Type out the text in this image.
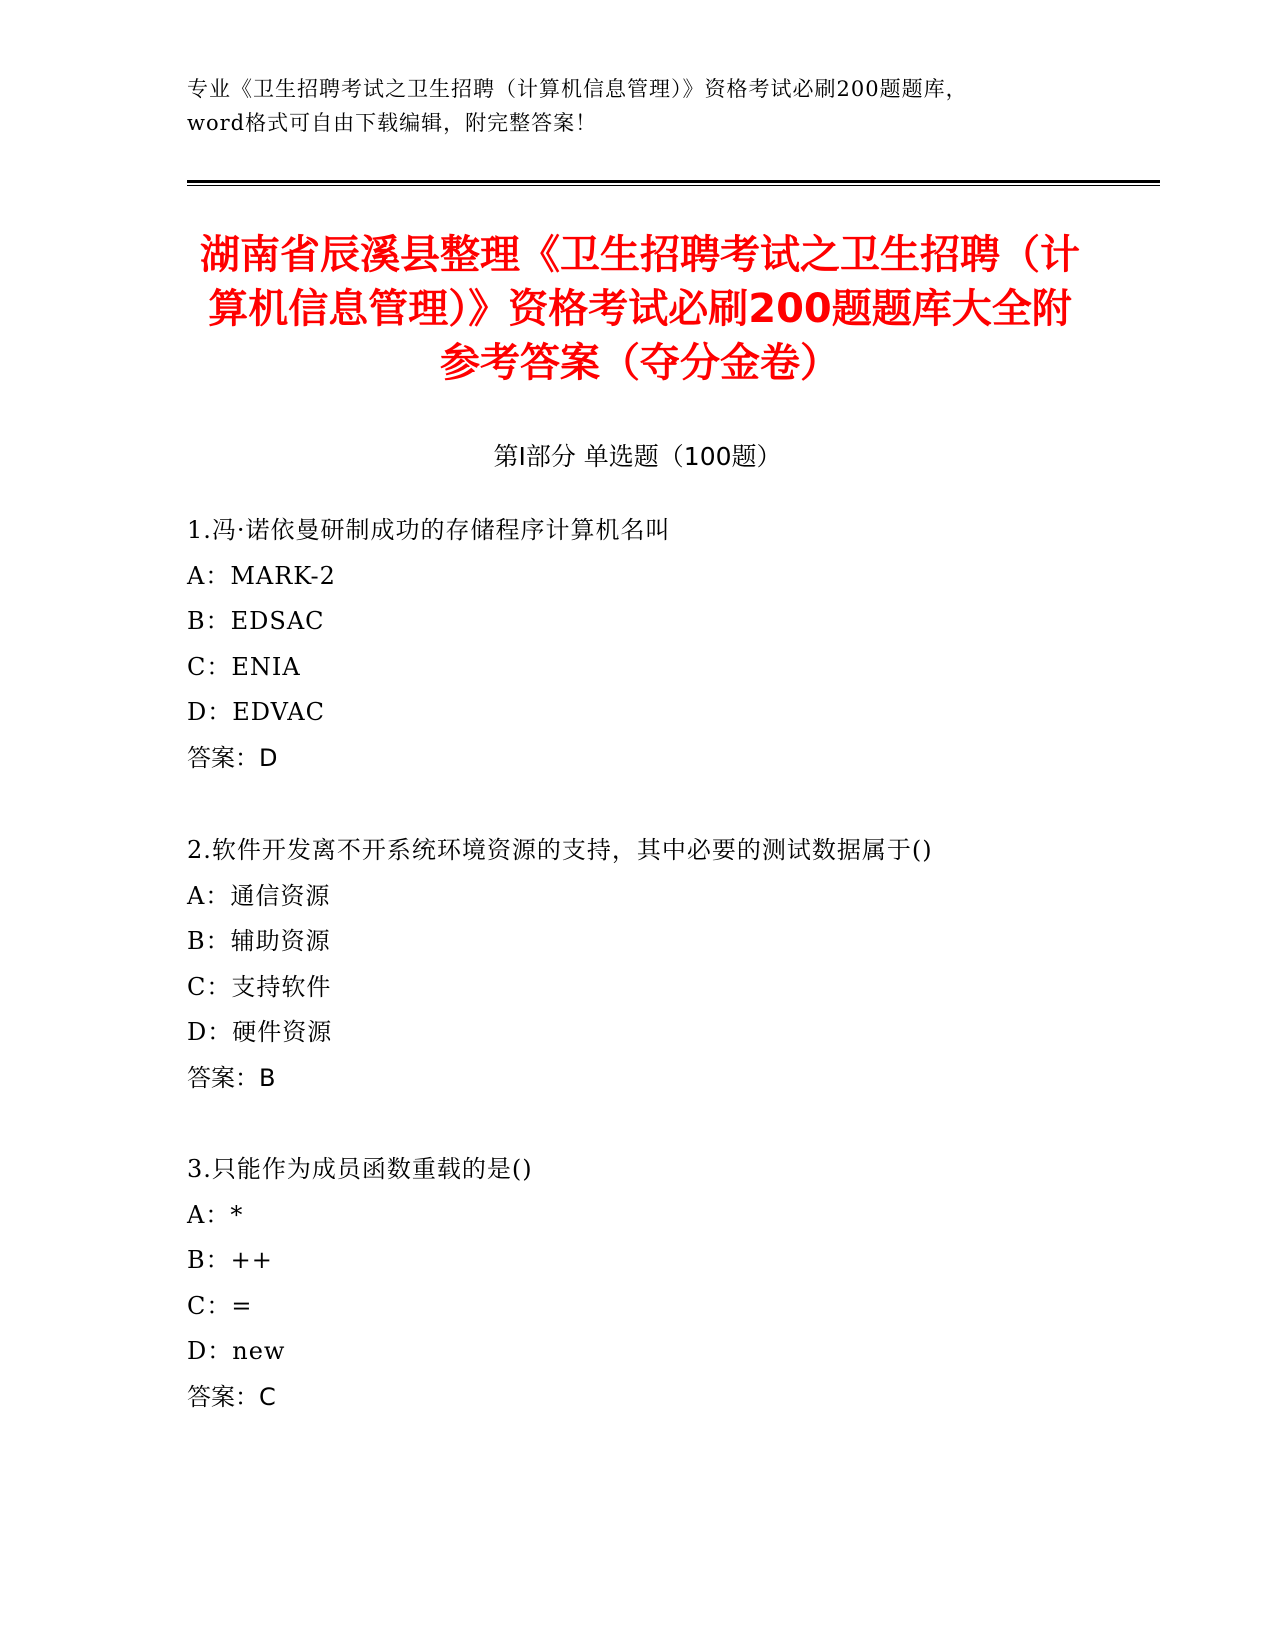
专业《卫生招聘考试之卫生招聘（计算机信息管理）》资格考试必刷200题题库，
word格式可自由下载编辑，附完整答案！
湖南省辰溪县整理《卫生招聘考试之卫生招聘（计算机信息管理）》资格考试必刷200题题库大全附参考答案（夺分金卷）
第Ⅰ部分 单选题（100题）
1.冯·诺依曼研制成功的存储程序计算机名叫
A：MARK-2
B：EDSAC
C：ENIA
D：EDVAC
答案：D
2.软件开发离不开系统环境资源的支持，其中必要的测试数据属于()
A：通信资源
B：辅助资源
C：支持软件
D：硬件资源
答案：B
3.只能作为成员函数重载的是()
A：*
B：++
C：=
D：new
答案：C
